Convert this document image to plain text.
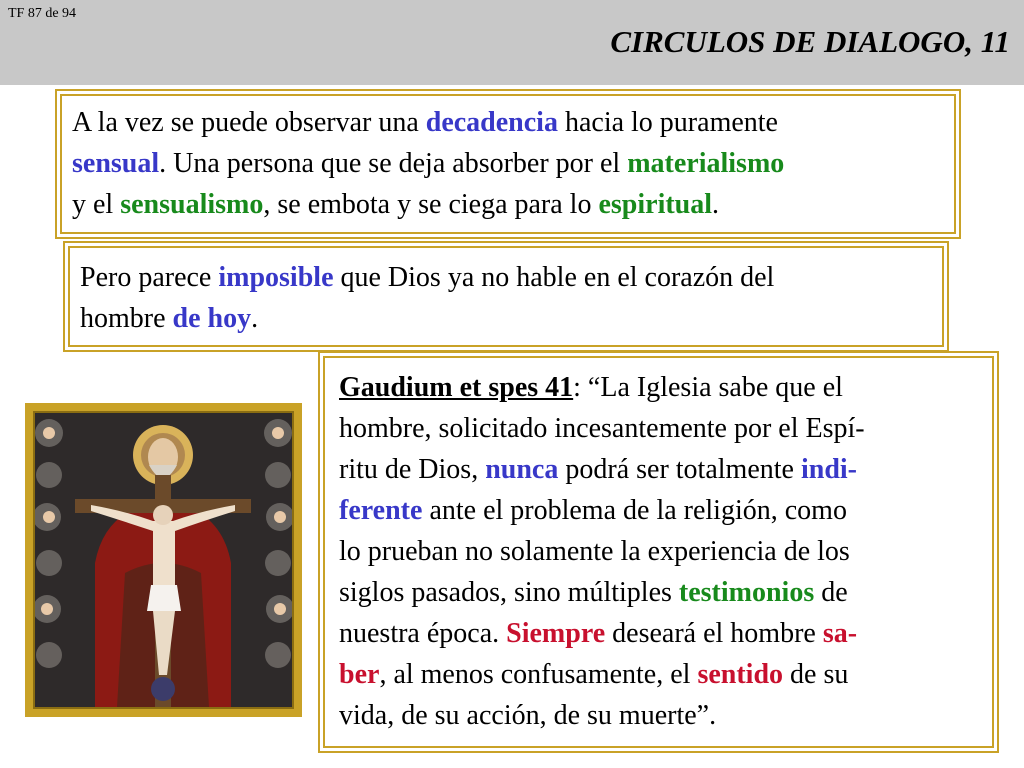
TF 87 de 94
CIRCULOS DE DIALOGO, 11
A la vez se puede observar una decadencia hacia lo puramente
sensual. Una persona que se deja absorber por el materialismo
y el sensualismo, se embota y se ciega para lo espiritual.
Pero parece imposible que Dios ya no hable en el corazón del
hombre de hoy.
Gaudium et spes 41: “La Iglesia sabe que el
hombre, solicitado incesantemente por el Espí-
ritu de Dios, nunca podrá ser totalmente indi-
ferente ante el problema de la religión, como
lo prueban no solamente la experiencia de los
siglos pasados, sino múltiples testimonios de
nuestra época. Siempre deseará el hombre sa-
ber, al menos confusamente, el sentido de su
vida, de su acción, de su muerte”.
